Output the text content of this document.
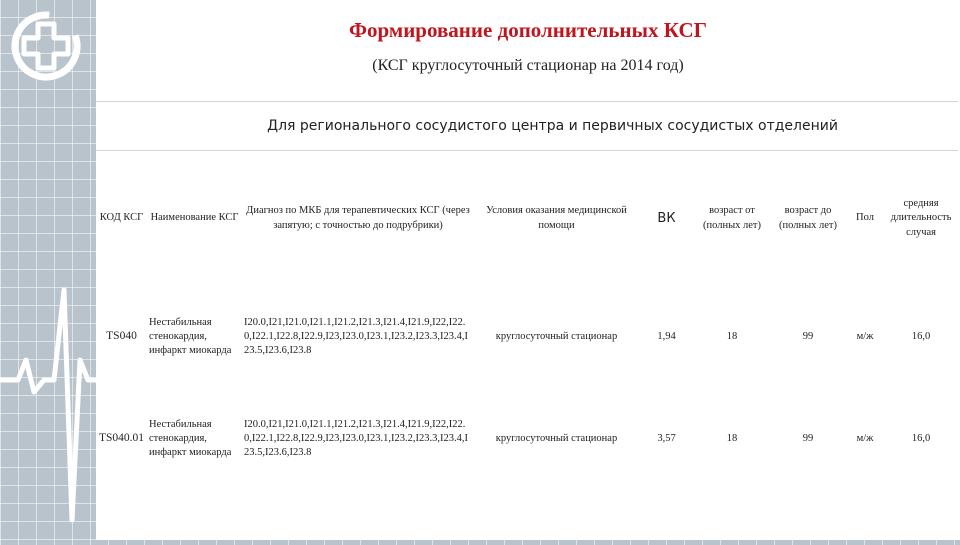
Формирование дополнительных КСГ
(КСГ круглосуточный стационар на 2014 год)
	Для регионального сосудистого центра и первичных сосудистых отделений							
КОД КСГ	Наименование КСГ	Диагноз по МКБ для терапевтических КСГ (через запятую; с точностью до подрубрики)	Условия оказания медицинской помощи	ВК	возраст от (полных лет)	возраст до (полных лет)	Пол	средняя длительность случая
TS040	Нестабильная стенокардия, инфаркт миокарда	I20.0,I21,I21.0,I21.1,I21.2,I21.3,I21.4,I21.9,I22,I22.0,I22.1,I22.8,I22.9,I23,I23.0,I23.1,I23.2,I23.3,I23.4,I23.5,I23.6,I23.8	круглосуточный стационар	1,94	18	99	м/ж	16,0
TS040.01	Нестабильная стенокардия, инфаркт миокарда	I20.0,I21,I21.0,I21.1,I21.2,I21.3,I21.4,I21.9,I22,I22.0,I22.1,I22.8,I22.9,I23,I23.0,I23.1,I23.2,I23.3,I23.4,I23.5,I23.6,I23.8	круглосуточный стационар	3,57	18	99	м/ж	16,0
